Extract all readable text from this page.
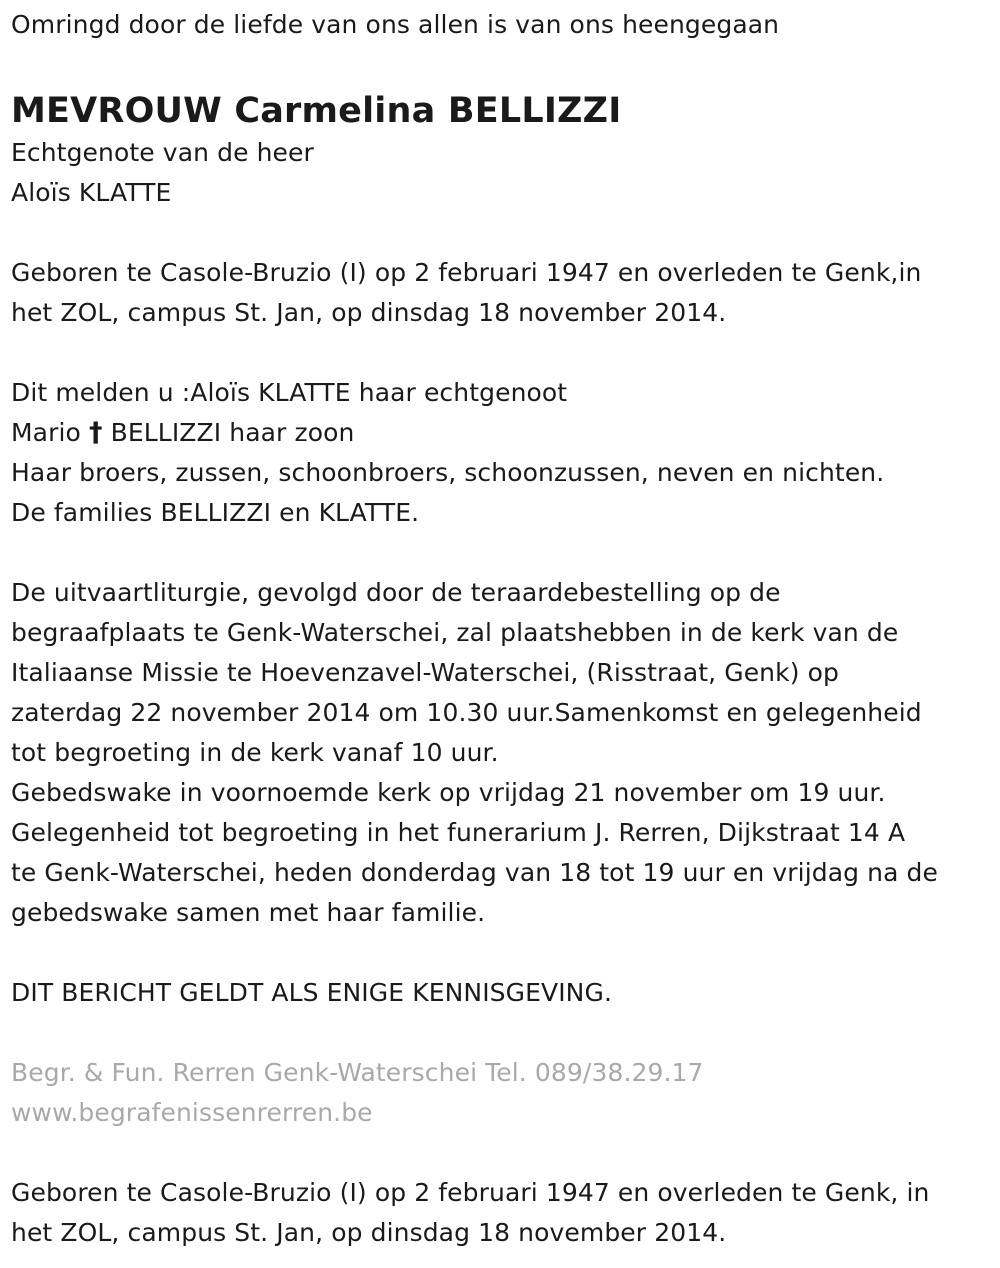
Omringd door de liefde van ons allen is van ons heengegaan
MEVROUW Carmelina BELLIZZI
Echtgenote van de heer
Aloïs KLATTE
Geboren te Casole-Bruzio (I) op 2 februari 1947 en overleden te Genk,in
het ZOL, campus St. Jan, op dinsdag 18 november 2014.
Dit melden u :Aloïs KLATTE haar echtgenoot
Mario † BELLIZZI haar zoon
Haar broers, zussen, schoonbroers, schoonzussen, neven en nichten.
De families BELLIZZI en KLATTE.
De uitvaartliturgie, gevolgd door de teraardebestelling op de
begraafplaats te Genk-Waterschei, zal plaatshebben in de kerk van de
Italiaanse Missie te Hoevenzavel-Waterschei, (Risstraat, Genk) op
zaterdag 22 november 2014 om 10.30 uur.Samenkomst en gelegenheid
tot begroeting in de kerk vanaf 10 uur.
Gebedswake in voornoemde kerk op vrijdag 21 november om 19 uur.
Gelegenheid tot begroeting in het funerarium J. Rerren, Dijkstraat 14 A
te Genk-Waterschei, heden donderdag van 18 tot 19 uur en vrijdag na de
gebedswake samen met haar familie.
DIT BERICHT GELDT ALS ENIGE KENNISGEVING.
Begr. & Fun. Rerren Genk-Waterschei Tel. 089/38.29.17
www.begrafenissenrerren.be
Geboren te Casole-Bruzio (I) op 2 februari 1947 en overleden te Genk, in
het ZOL, campus St. Jan, op dinsdag 18 november 2014.
